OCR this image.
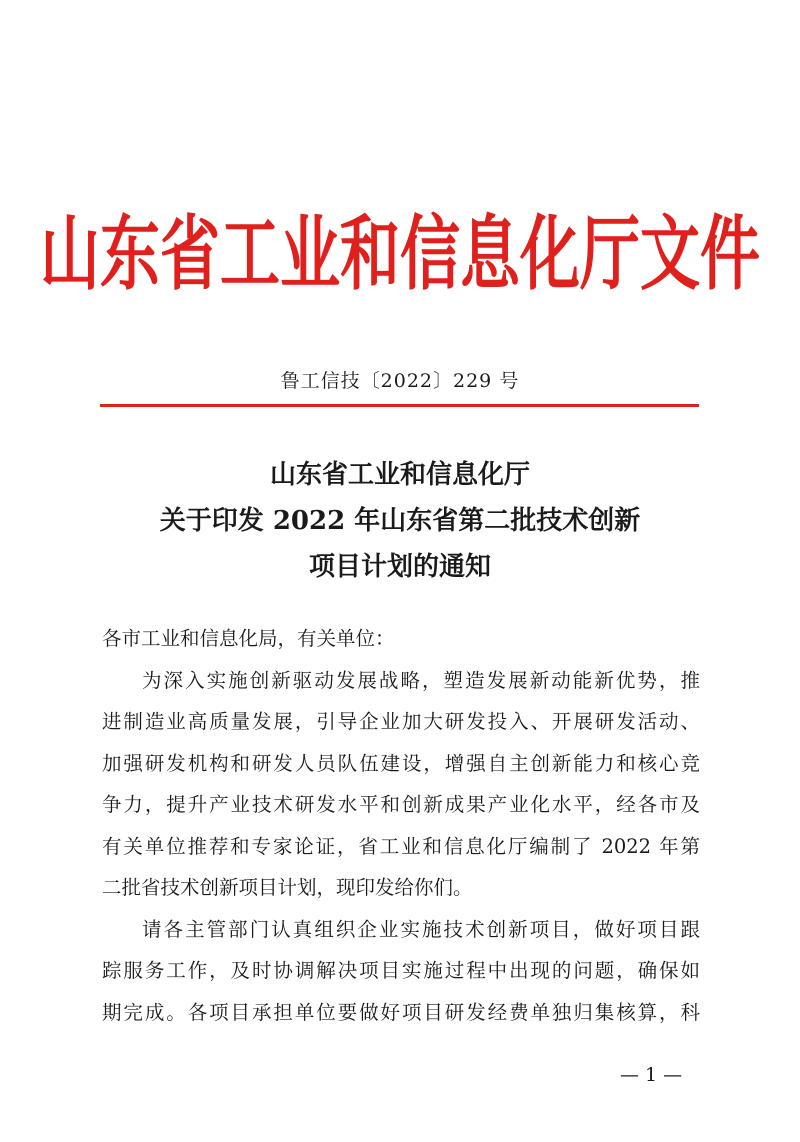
山东省工业和信息化厅文件
鲁工信技〔2022〕229 号
山东省工业和信息化厅
关于印发 2022 年山东省第二批技术创新
项目计划的通知
各市工业和信息化局，有关单位：
为深入实施创新驱动发展战略，塑造发展新动能新优势，推
进制造业高质量发展，引导企业加大研发投入、开展研发活动、
加强研发机构和研发人员队伍建设，增强自主创新能力和核心竞
争力，提升产业技术研发水平和创新成果产业化水平，经各市及
有关单位推荐和专家论证，省工业和信息化厅编制了 2022 年第
二批省技术创新项目计划，现印发给你们。
请各主管部门认真组织企业实施技术创新项目，做好项目跟
踪服务工作，及时协调解决项目实施过程中出现的问题，确保如
期完成。各项目承担单位要做好项目研发经费单独归集核算，科
— 1 —
